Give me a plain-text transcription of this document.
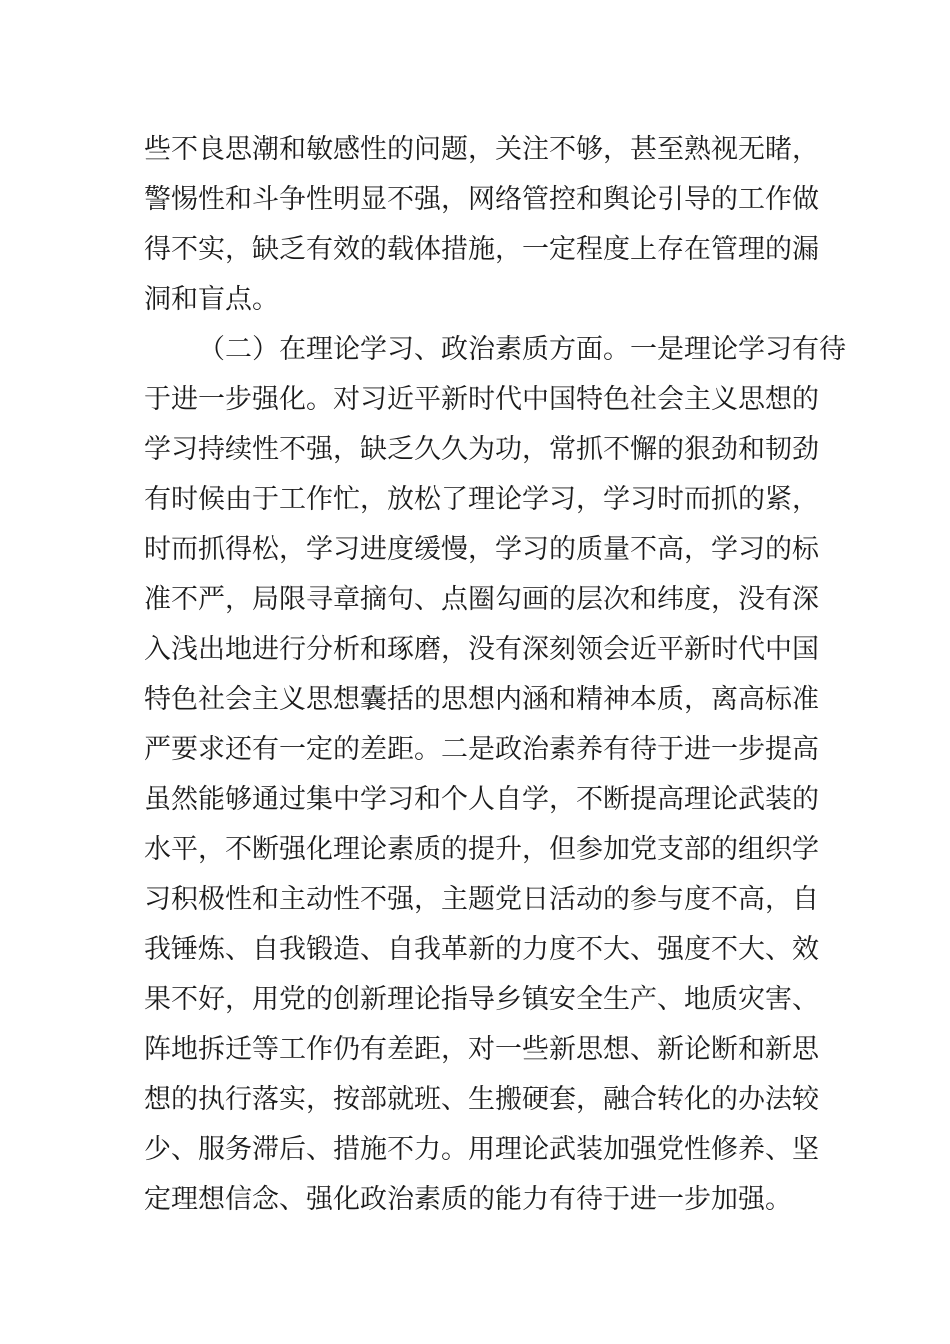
些不良思潮和敏感性的问题，关注不够，甚至熟视无睹，
警惕性和斗争性明显不强，网络管控和舆论引导的工作做
得不实，缺乏有效的载体措施，一定程度上存在管理的漏
洞和盲点。
（二）在理论学习、政治素质方面。一是理论学习有待
于进一步强化。对习近平新时代中国特色社会主义思想的
学习持续性不强，缺乏久久为功，常抓不懈的狠劲和韧劲
有时候由于工作忙，放松了理论学习，学习时而抓的紧，
时而抓得松，学习进度缓慢，学习的质量不高，学习的标
准不严，局限寻章摘句、点圈勾画的层次和纬度，没有深
入浅出地进行分析和琢磨，没有深刻领会近平新时代中国
特色社会主义思想囊括的思想内涵和精神本质，离高标准
严要求还有一定的差距。二是政治素养有待于进一步提高
虽然能够通过集中学习和个人自学，不断提高理论武装的
水平，不断强化理论素质的提升，但参加党支部的组织学
习积极性和主动性不强，主题党日活动的参与度不高，自
我锤炼、自我锻造、自我革新的力度不大、强度不大、效
果不好，用党的创新理论指导乡镇安全生产、地质灾害、
阵地拆迁等工作仍有差距，对一些新思想、新论断和新思
想的执行落实，按部就班、生搬硬套，融合转化的办法较
少、服务滞后、措施不力。用理论武装加强党性修养、坚
定理想信念、强化政治素质的能力有待于进一步加强。
